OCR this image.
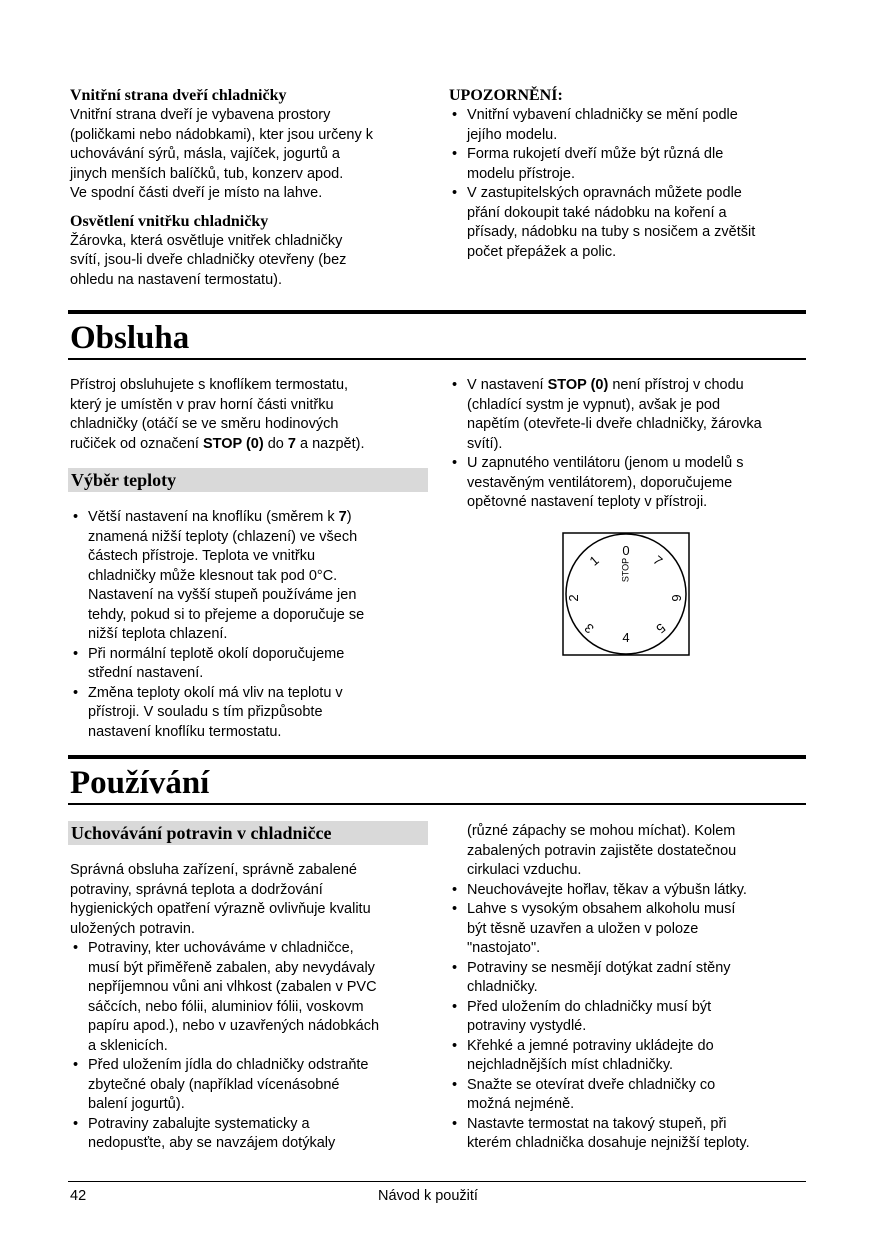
Vnitřní strana dveří chladničky

Vnitřní strana dveří je vybavena prostory

(poličkami nebo nádobkami), kter jsou určeny k

uchovávání sýrů, másla, vajíček, jogurtů a

jinych menších balíčků, tub, konzerv apod.

Ve spodní části dveří je místo na lahve.

Osvětlení vnitřku chladničky

Žárovka, která osvětluje vnitřek chladničky

svítí, jsou-li dveře chladničky otevřeny (bez

ohledu na nastavení termostatu).

UPOZORNĚNÍ:

• Vnitřní vybavení chladničky se mění podle

jejího modelu.

• Forma rukojetí dveří může být různá dle

modelu přístroje.

• V zastupitelských opravnách můžete podle

přání dokoupit také nádobku na koření a

přísady, nádobku na tuby s nosičem a zvětšit

počet přepážek a polic.

Obsluha

Přístroj obsluhujete s knoflíkem termostatu,

který je umístěn v prav horní části vnitřku

chladničky (otáčí se ve směru hodinových

ručiček od označení STOP (0) do 7 a nazpět).

Výběr teploty

• Větší nastavení na knoflíku (směrem k 7)

znamená nižší teploty (chlazení) ve všech

částech přístroje. Teplota ve vnitřku

chladničky může klesnout tak pod 0°C.

Nastavení na vyšší stupeň používáme jen

tehdy, pokud si to přejeme a doporučuje se

nižší teplota chlazení.

• Při normální teplotě okolí doporučujeme

střední nastavení.

• Změna teploty okolí má vliv na teplotu v

přístroji. V souladu s tím přizpůsobte

nastavení knoflíku termostatu.

• V nastavení STOP (0) není přístroj v chodu

(chladící systm je vypnut), avšak je pod

napětím (otevřete-li dveře chladničky, žárovka

svítí).

• U zapnutého ventilátoru (jenom u modelů s

vestavěným ventilátorem), doporučujeme

opětovné nastavení teploty v přístroji.

0
STOP
1
2
3
4
5
6
7
Používání
Uchovávání potravin v chladničce

Správná obsluha zařízení, správně zabalené

potraviny, správná teplota a dodržování

hygienických opatření výrazně ovlivňuje kvalitu

uložených potravin.

• Potraviny, kter uchováváme v chladničce,

musí být přiměřeně zabalen, aby nevydávaly

nepříjemnou vůni ani vlhkost (zabalen v PVC

sáčcích, nebo fólii, aluminiov fólii, voskovm

papíru apod.), nebo v uzavřených nádobkách

a sklenicích.

• Před uložením jídla do chladničky odstraňte

zbytečné obaly (například vícenásobné

balení jogurtů).

• Potraviny zabalujte systematicky a

nedopusťte, aby se navzájem dotýkaly

(různé zápachy se mohou míchat). Kolem

zabalených potravin zajistěte dostatečnou

cirkulaci vzduchu.

• Neuchovávejte hořlav, těkav a výbušn látky.

• Lahve s vysokým obsahem alkoholu musí

být těsně uzavřen a uložen v poloze

"nastojato".

• Potraviny se nesmějí dotýkat zadní stěny

chladničky.

• Před uložením do chladničky musí být

potraviny vystydlé.

• Křehké a jemné potraviny ukládejte do

nejchladnějších míst chladničky.

• Snažte se otevírat dveře chladničky co

možná nejméně.

• Nastavte termostat na takový stupeň, při

kterém chladnička dosahuje nejnižší teploty.

42	Návod k použití
